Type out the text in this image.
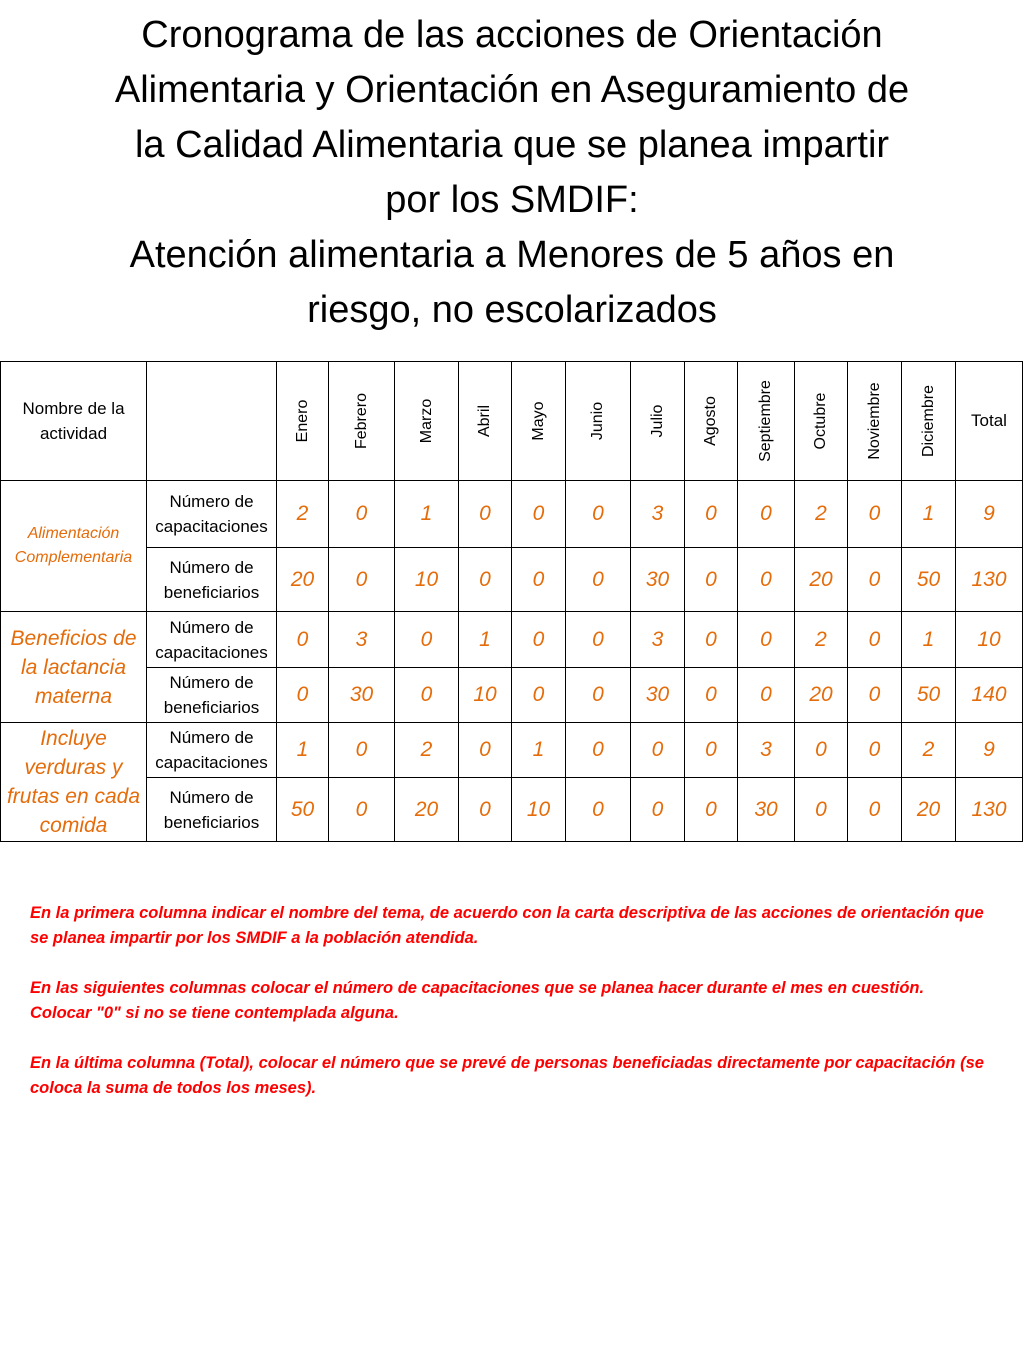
Cronograma de las acciones de Orientación
Alimentaria y Orientación en Aseguramiento de
la Calidad Alimentaria que se planea impartir
por los SMDIF:
Atención alimentaria a Menores de 5 años en
riesgo, no escolarizados
Nombre de la actividad		Enero	Febrero	Marzo	Abril	Mayo	Junio	Julio	Agosto	Septiembre	Octubre	Noviembre	Diciembre	Total
Alimentación Complementaria	Número de capacitaciones	2	0	1	0	0	0	3	0	0	2	0	1	9
	Número de beneficiarios	20	0	10	0	0	0	30	0	0	20	0	50	130
Beneficios de la lactancia materna	Número de capacitaciones	0	3	0	1	0	0	3	0	0	2	0	1	10
	Número de beneficiarios	0	30	0	10	0	0	30	0	0	20	0	50	140
Incluye verduras y frutas en cada comida	Número de capacitaciones	1	0	2	0	1	0	0	0	3	0	0	2	9
	Número de beneficiarios	50	0	20	0	10	0	0	0	30	0	0	20	130

En la primera columna indicar el nombre del tema, de acuerdo con la carta descriptiva de las acciones de orientación que se planea impartir por los SMDIF a la población atendida.

En las siguientes columnas colocar el número de capacitaciones que se planea hacer durante el mes en cuestión. Colocar "0" si no se tiene contemplada alguna.

En la última columna (Total), colocar el número que se prevé de personas beneficiadas directamente por capacitación (se coloca la suma de todos los meses).
